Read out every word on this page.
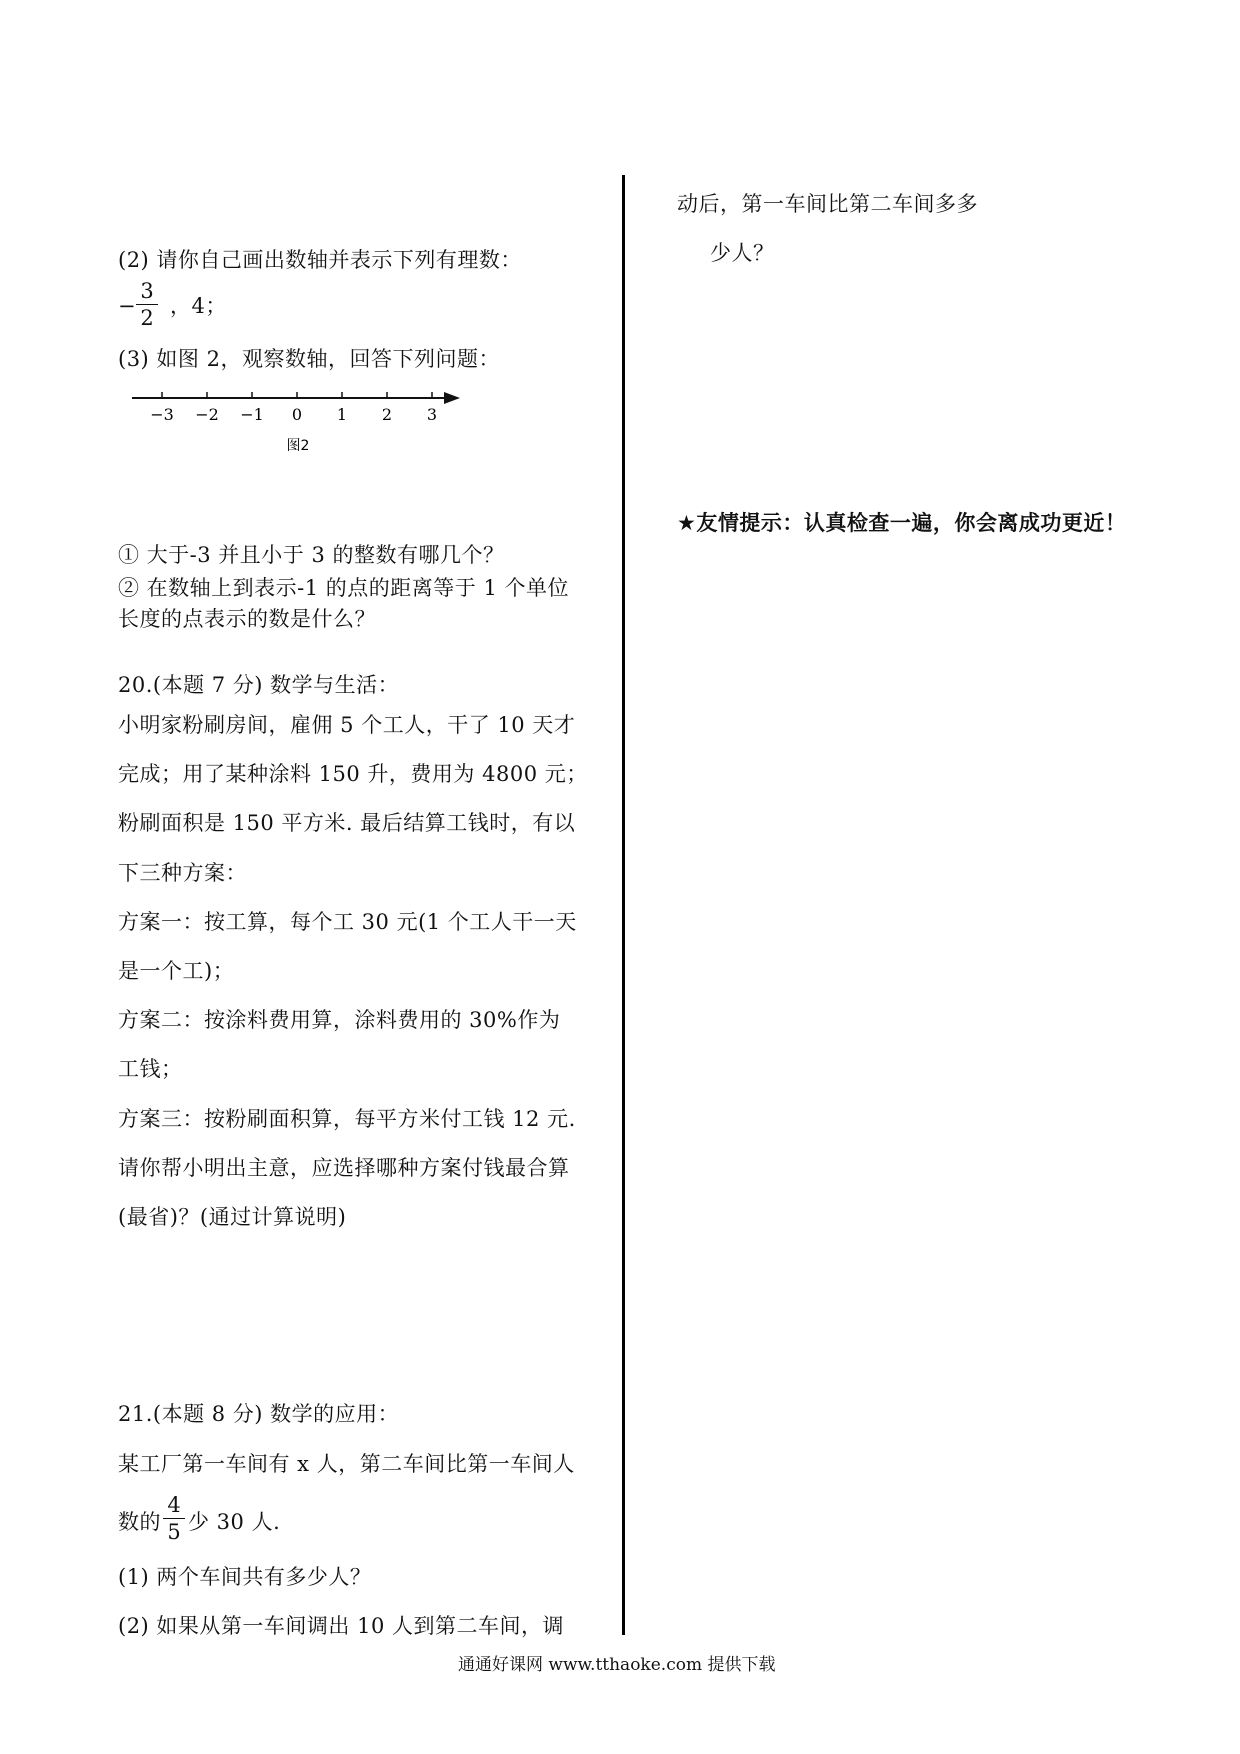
(2) 请你自己画出数轴并表示下列有理数：
−
3
2 ，4；
(3) 如图 2，观察数轴，回答下列问题：
−3 −2 −1 0 1 2 3
图2
① 大于-3 并且小于 3 的整数有哪几个？
② 在数轴上到表示-1 的点的距离等于 1 个单位
长度的点表示的数是什么？
20.(本题 7 分) 数学与生活：
小明家粉刷房间，雇佣 5 个工人，干了 10 天才
完成；用了某种涂料 150 升，费用为 4800 元；
粉刷面积是 150 平方米. 最后结算工钱时，有以
下三种方案：
方案一：按工算，每个工 30 元(1 个工人干一天
是一个工)；
方案二：按涂料费用算，涂料费用的 30%作为
工钱；
方案三：按粉刷面积算，每平方米付工钱 12 元.
请你帮小明出主意，应选择哪种方案付钱最合算
(最省)？(通过计算说明)
21.(本题 8 分) 数学的应用：
某工厂第一车间有 x 人，第二车间比第一车间人
数的
4
5 少 30 人.
(1) 两个车间共有多少人？
(2) 如果从第一车间调出 10 人到第二车间，调
动后，第一车间比第二车间多多
少人？
★友情提示：认真检查一遍，你会离成功更近！
通通好课网 www.tthaoke.com 提供下载
